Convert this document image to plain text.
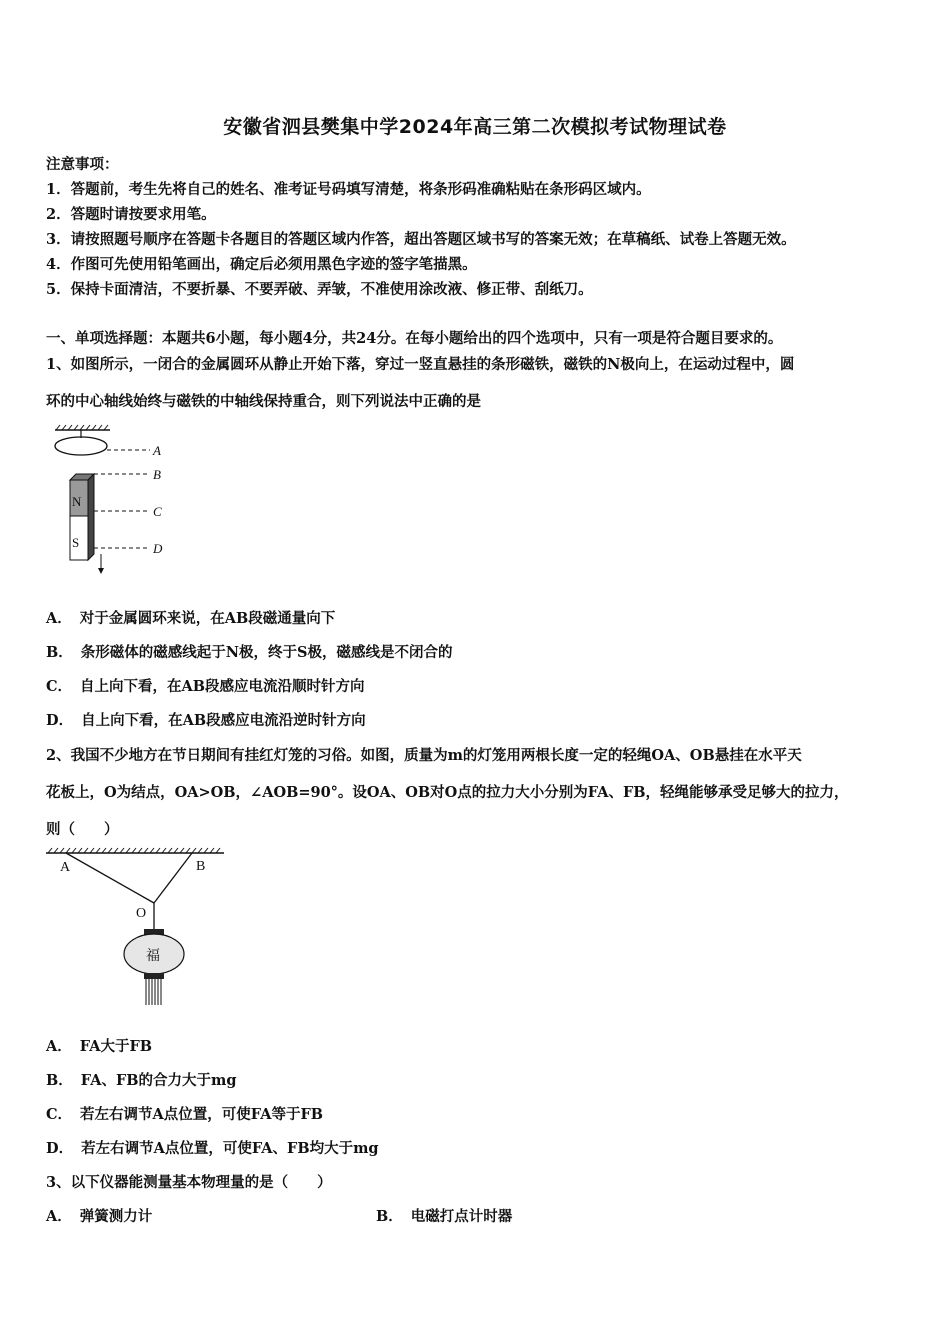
安徽省泗县樊集中学2024年高三第二次模拟考试物理试卷
注意事项：
1．答题前，考生先将自己的姓名、准考证号码填写清楚，将条形码准确粘贴在条形码区域内。
2．答题时请按要求用笔。
3．请按照题号顺序在答题卡各题目的答题区域内作答，超出答题区域书写的答案无效；在草稿纸、试卷上答题无效。
4．作图可先使用铅笔画出，确定后必须用黑色字迹的签字笔描黑。
5．保持卡面清洁，不要折暴、不要弄破、弄皱，不准使用涂改液、修正带、刮纸刀。
一、单项选择题：本题共6小题，每小题4分，共24分。在每小题给出的四个选项中，只有一项是符合题目要求的。
1、如图所示，一闭合的金属圆环从静止开始下落，穿过一竖直悬挂的条形磁铁，磁铁的N极向上，在运动过程中，圆
环的中心轴线始终与磁铁的中轴线保持重合，则下列说法中正确的是
N
S
A
B
C
D
A． 对于金属圆环来说，在AB段磁通量向下
B． 条形磁体的磁感线起于N极，终于S极，磁感线是不闭合的
C． 自上向下看，在AB段感应电流沿顺时针方向
D． 自上向下看，在AB段感应电流沿逆时针方向
2、我国不少地方在节日期间有挂红灯笼的习俗。如图，质量为m的灯笼用两根长度一定的轻绳OA、OB悬挂在水平天
花板上，O为结点，OA>OB，∠AOB=90°。设OA、OB对O点的拉力大小分别为FA、FB，轻绳能够承受足够大的拉力，
则（　　）
福
A	B
O
A． FA大于FB
B． FA、FB的合力大于mg
C． 若左右调节A点位置，可使FA等于FB
D． 若左右调节A点位置，可使FA、FB均大于mg
3、以下仪器能测量基本物理量的是（　　）
A． 弹簧测力计	B． 电磁打点计时器
